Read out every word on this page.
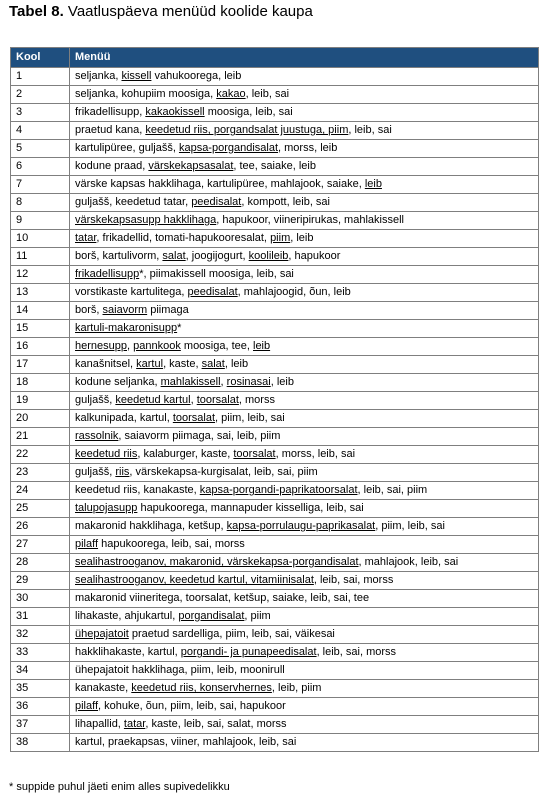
Tabel 8. Vaatluspäeva menüüd koolide kaupa
Kool	Menüü
1	seljanka, kissell vahukoorega, leib
2	seljanka, kohupiim moosiga, kakao, leib, sai
3	frikadellisupp, kakaokissell moosiga, leib, sai
4	praetud kana, keedetud riis, porgandsalat juustuga, piim, leib, sai
5	kartulipüree, guljašš, kapsa-porgandisalat, morss, leib
6	kodune praad, värskekapsasalat, tee, saiake, leib
7	värske kapsas hakklihaga, kartulipüree, mahlajook, saiake, leib
8	guljašš, keedetud tatar, peedisalat, kompott, leib, sai
9	värskekapsasupp hakklihaga, hapukoor, viineripirukas, mahlakissell
10	tatar, frikadellid, tomati-hapukooresalat, piim, leib
11	borš, kartulivorm, salat, joogijogurt, koolileib, hapukoor
12	frikadellisupp*, piimakissell moosiga, leib, sai
13	vorstikaste kartulitega, peedisalat, mahlajoogid, õun, leib
14	borš, saiavorm piimaga
15	kartuli-makaronisupp*
16	hernesupp, pannkook moosiga, tee, leib
17	kanašnitsel, kartul, kaste, salat, leib
18	kodune seljanka, mahlakissell, rosinasai, leib
19	guljašš, keedetud kartul, toorsalat, morss
20	kalkunipada, kartul, toorsalat, piim, leib, sai
21	rassolnik, saiavorm piimaga, sai, leib, piim
22	keedetud riis, kalaburger, kaste, toorsalat, morss, leib, sai
23	guljašš, riis, värskekapsa-kurgisalat, leib, sai, piim
24	keedetud riis, kanakaste, kapsa-porgandi-paprikatoorsalat, leib, sai, piim
25	talupojasupp hapukoorega, mannapuder kisselliga, leib, sai
26	makaronid hakklihaga, ketšup, kapsa-porrulaugu-paprikasalat, piim, leib, sai
27	pilaff hapukoorega, leib, sai, morss
28	sealihastrooganov, makaronid, värskekapsa-porgandisalat, mahlajook, leib, sai
29	sealihastrooganov, keedetud kartul, vitamiinisalat, leib, sai, morss
30	makaronid viineritega, toorsalat, ketšup, saiake, leib, sai, tee
31	lihakaste, ahjukartul, porgandisalat, piim
32	ühepajatoit praetud sardelliga, piim, leib, sai, väikesai
33	hakklihakaste, kartul, porgandi- ja punapeedisalat, leib, sai, morss
34	ühepajatoit hakklihaga, piim, leib, moonirull
35	kanakaste, keedetud riis, konservhernes, leib, piim
36	pilaff, kohuke, õun, piim, leib, sai, hapukoor
37	lihapallid, tatar, kaste, leib, sai, salat, morss
38	kartul, praekapsas, viiner, mahlajook, leib, sai
* suppide puhul jäeti enim alles supivedelikku
